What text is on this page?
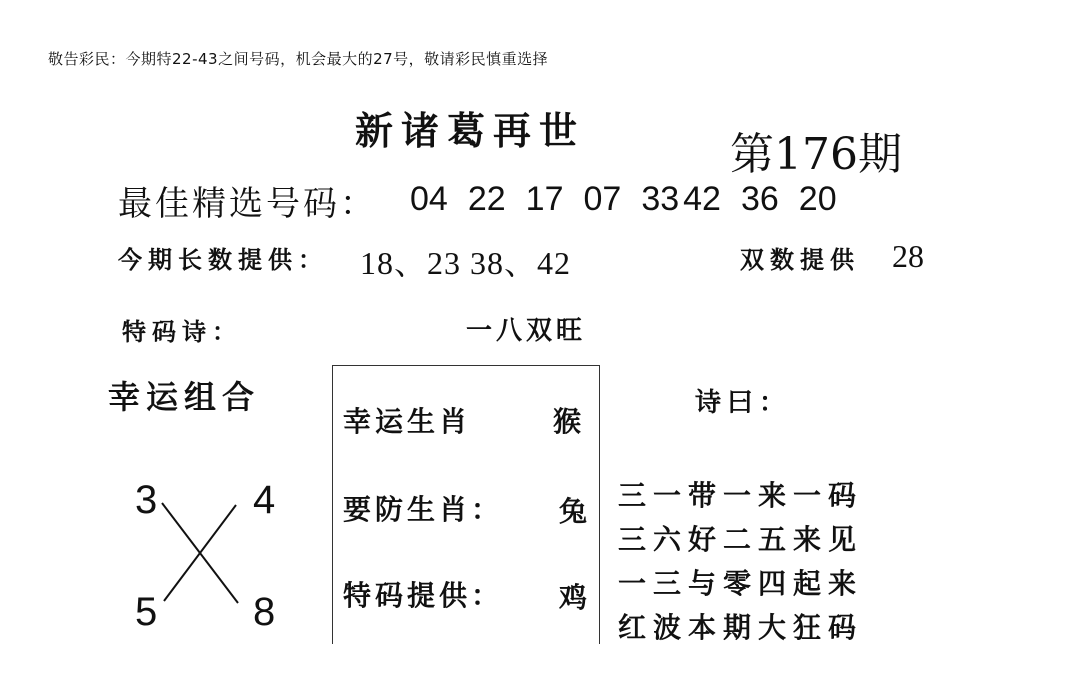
敬告彩民：今期特22-43之间号码，机会最大的27号，敬请彩民慎重选择
新诸葛再世	第176期
最佳精选号码： 04 22 17 07 33 42 36 20
今期长数提供： 18、23 38、42	双数提供 28
特码诗：	一八双旺
幸运组合
3 4
5 8
幸运生肖	猴
要防生肖： 兔
特码提供： 鸡
诗曰：
三一带一来一码
三六好二五来见
一三与零四起来
红波本期大狂码
